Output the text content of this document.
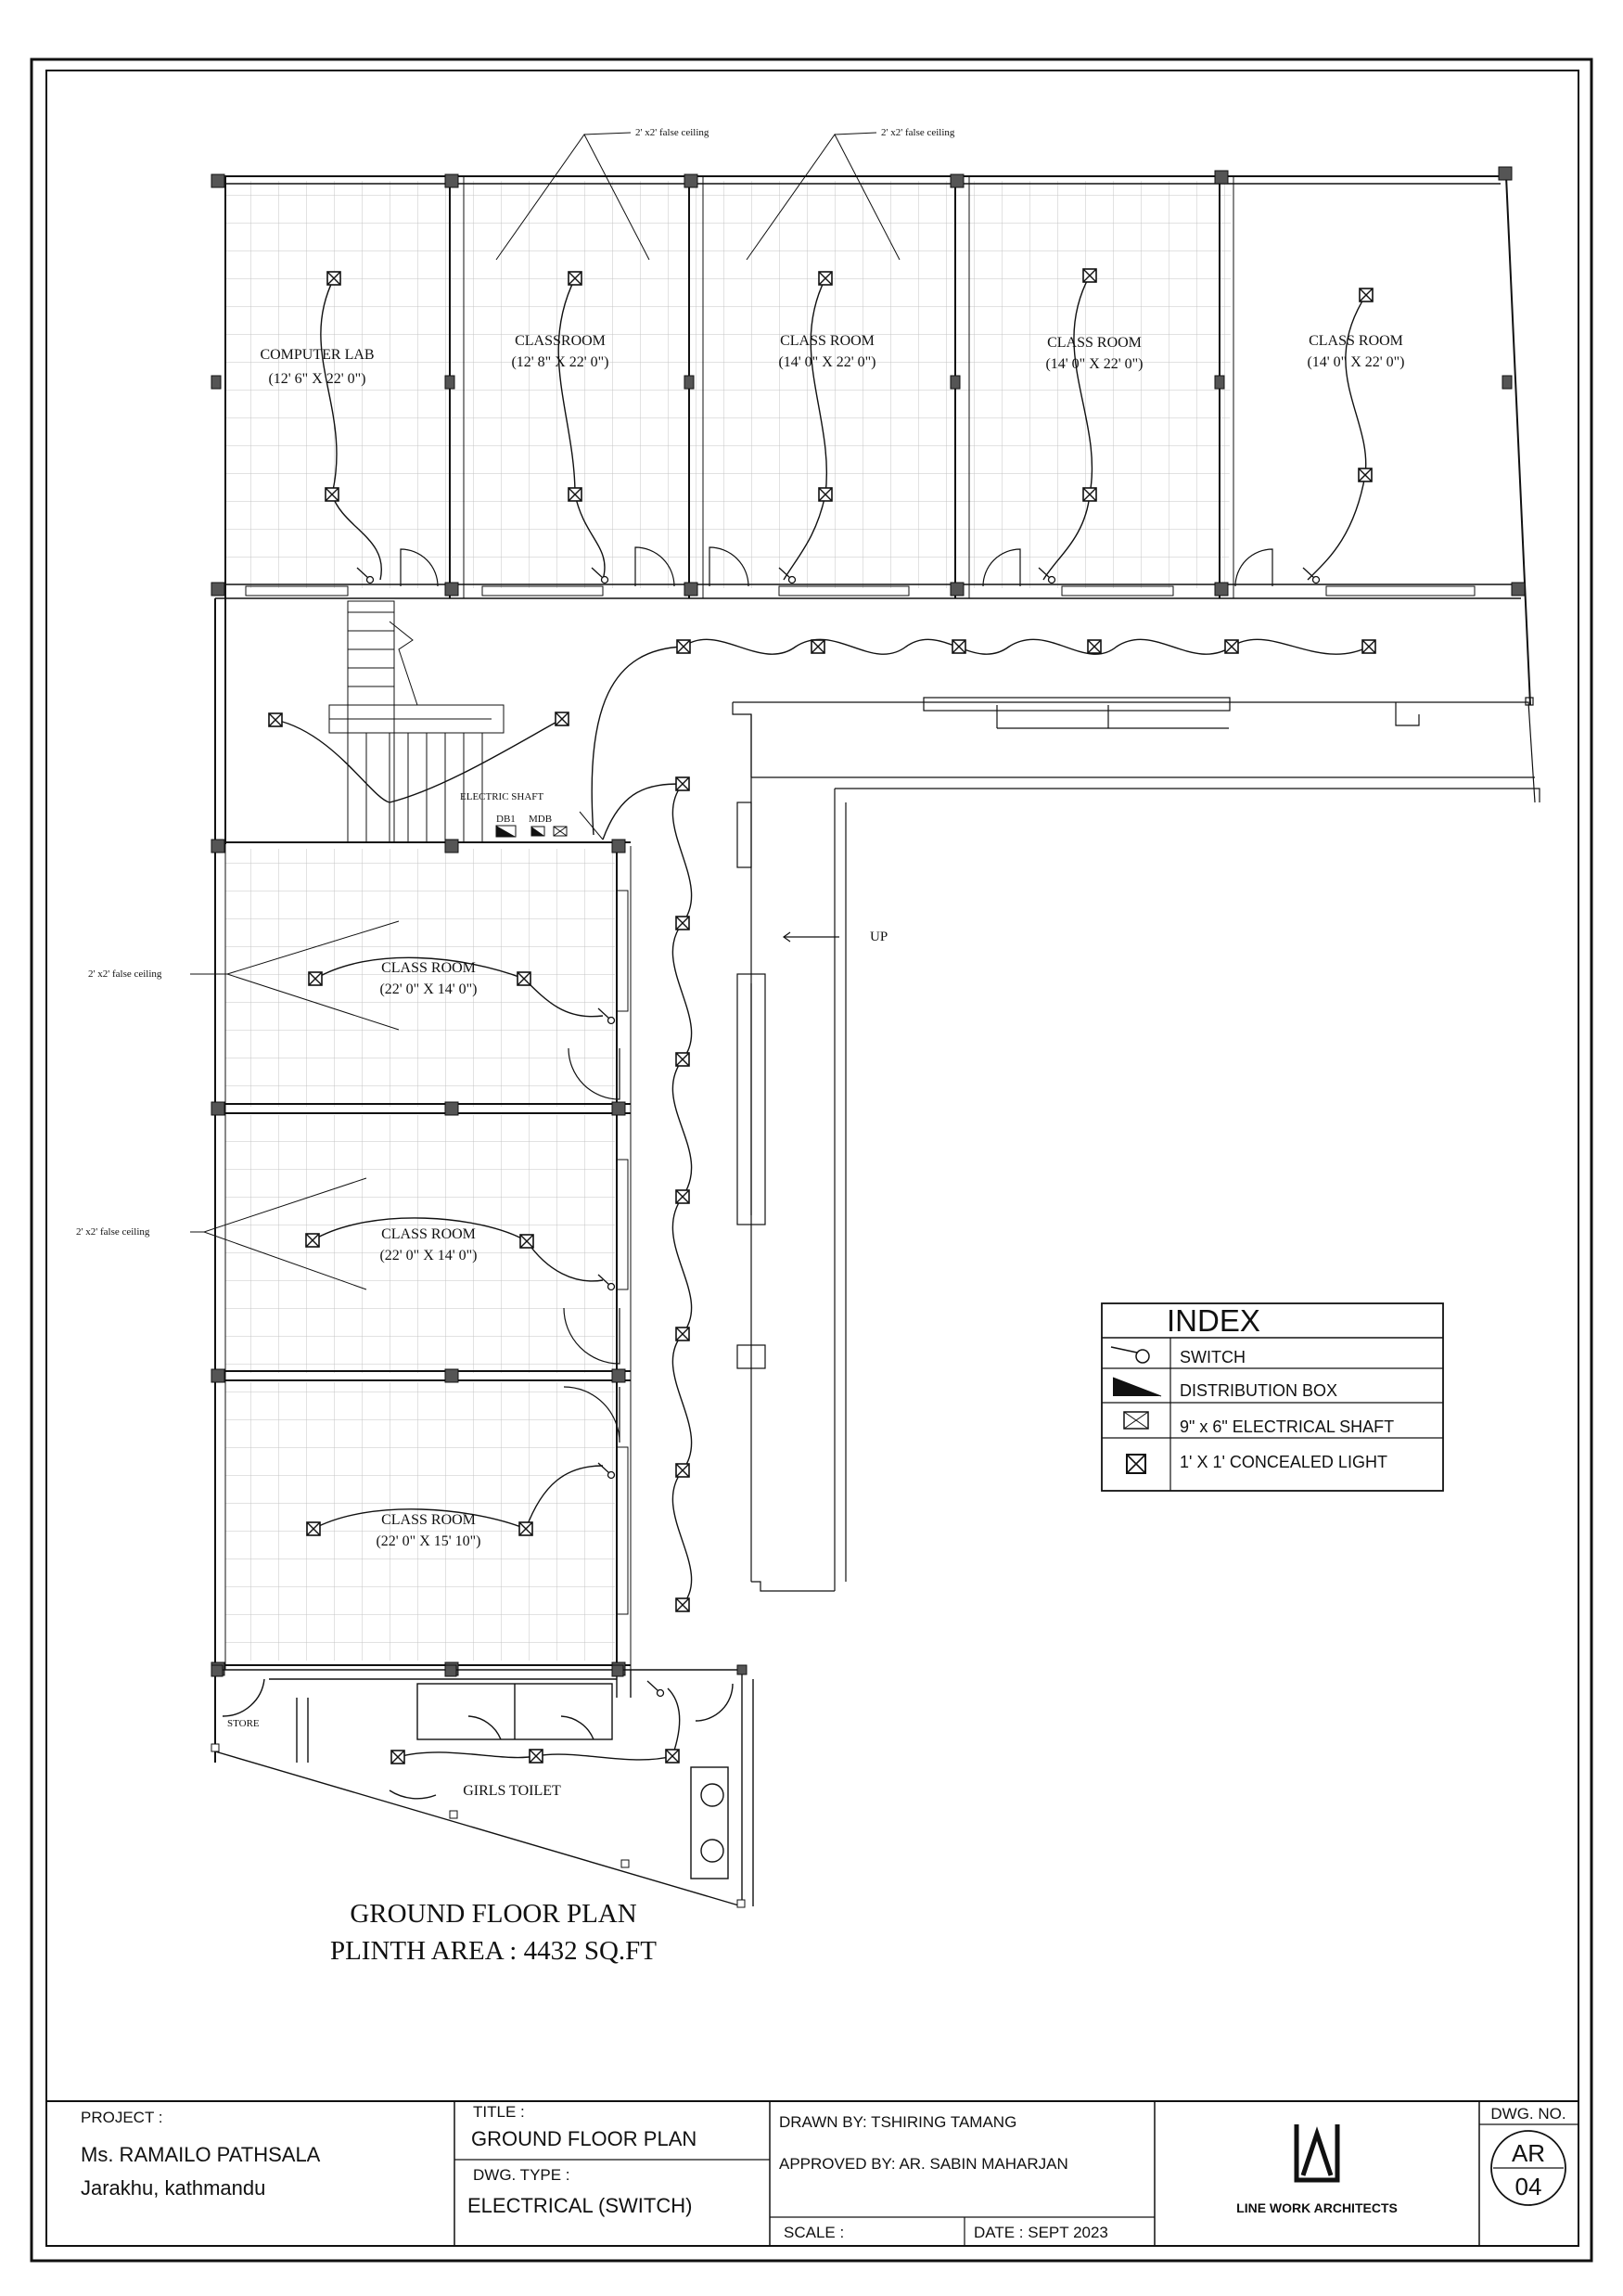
2' x2' false ceiling	2' x2' false ceiling
COMPUTER LAB
(12' 6" X 22' 0")
CLASSROOM
(12' 8" X 22' 0")
CLASS ROOM
(14' 0" X 22' 0")
CLASS ROOM
(14' 0" X 22' 0")
CLASS ROOM
(14' 0" X 22' 0")
ELECTRIC SHAFT
DB1 MDB
2' x2' false ceiling
2' x2' false ceiling
CLASS ROOM
(22' 0" X 14' 0")
CLASS ROOM
(22' 0" X 14' 0")
CLASS ROOM
(22' 0" X 15' 10")
UP
STORE
GIRLS TOILET
GROUND FLOOR PLAN
PLINTH AREA : 4432 SQ.FT
INDEX
SWITCH
DISTRIBUTION BOX
9" x 6" ELECTRICAL SHAFT
1' X 1' CONCEALED LIGHT
PROJECT :
Ms. RAMAILO PATHSALA
Jarakhu, kathmandu
TITLE :
GROUND FLOOR PLAN
DWG. TYPE :
ELECTRICAL (SWITCH)
DRAWN BY: TSHIRING TAMANG
APPROVED BY: AR. SABIN MAHARJAN
SCALE :	DATE : SEPT 2023
LINE WORK ARCHITECTS
DWG. NO.
AR
04
